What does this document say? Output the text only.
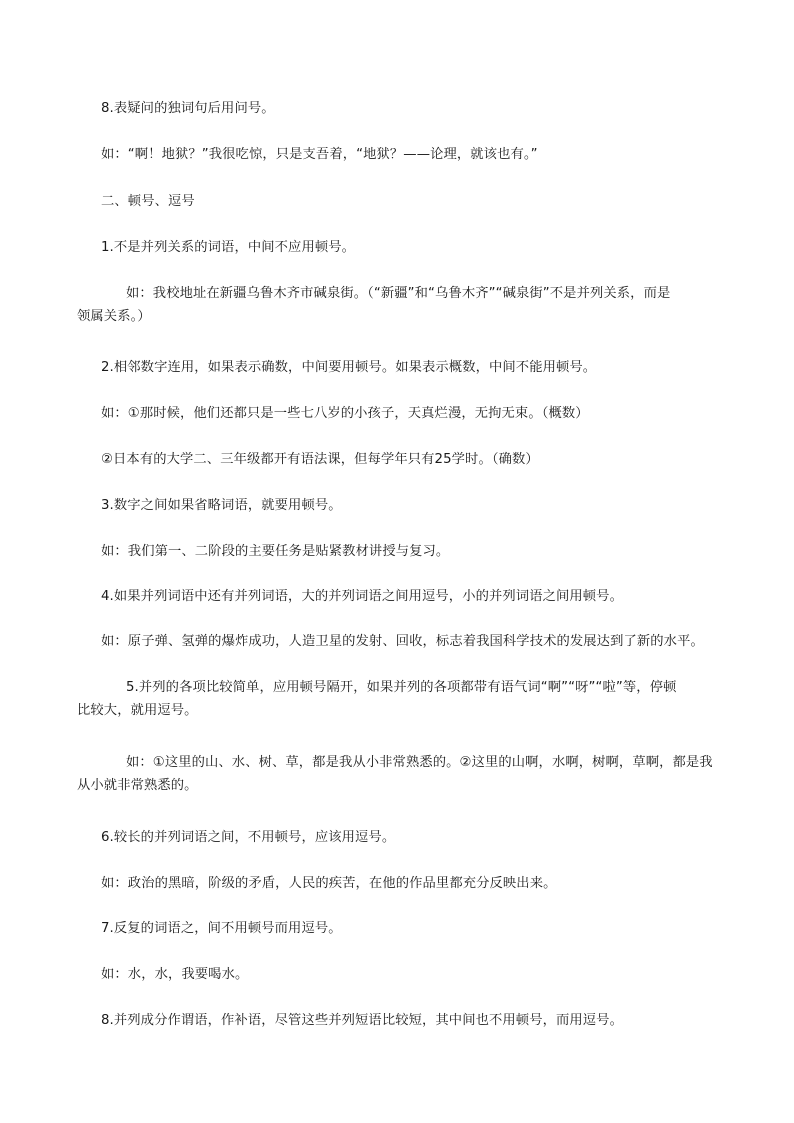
8.表疑问的独词句后用问号。
如：“啊！地狱？”我很吃惊，只是支吾着，“地狱？——论理，就该也有。”
二、顿号、逗号
1.不是并列关系的词语，中间不应用顿号。
如：我校地址在新疆乌鲁木齐市碱泉街。（“新疆”和“乌鲁木齐”“碱泉街”不是并列关系，而是
领属关系。）
2.相邻数字连用，如果表示确数，中间要用顿号。如果表示概数，中间不能用顿号。
如：①那时候，他们还都只是一些七八岁的小孩子，天真烂漫，无拘无束。（概数）
②日本有的大学二、三年级都开有语法课，但每学年只有25学时。（确数）
3.数字之间如果省略词语，就要用顿号。
如：我们第一、二阶段的主要任务是贴紧教材讲授与复习。
4.如果并列词语中还有并列词语，大的并列词语之间用逗号，小的并列词语之间用顿号。
如：原子弹、氢弹的爆炸成功，人造卫星的发射、回收，标志着我国科学技术的发展达到了新的水平。
5.并列的各项比较简单，应用顿号隔开，如果并列的各项都带有语气词“啊”“呀”“啦”等，停顿
比较大，就用逗号。
如：①这里的山、水、树、草，都是我从小非常熟悉的。②这里的山啊，水啊，树啊，草啊，都是我
从小就非常熟悉的。
6.较长的并列词语之间，不用顿号，应该用逗号。
如：政治的黑暗，阶级的矛盾，人民的疾苦，在他的作品里都充分反映出来。
7.反复的词语之，间不用顿号而用逗号。
如：水，水，我要喝水。
8.并列成分作谓语，作补语，尽管这些并列短语比较短，其中间也不用顿号，而用逗号。
